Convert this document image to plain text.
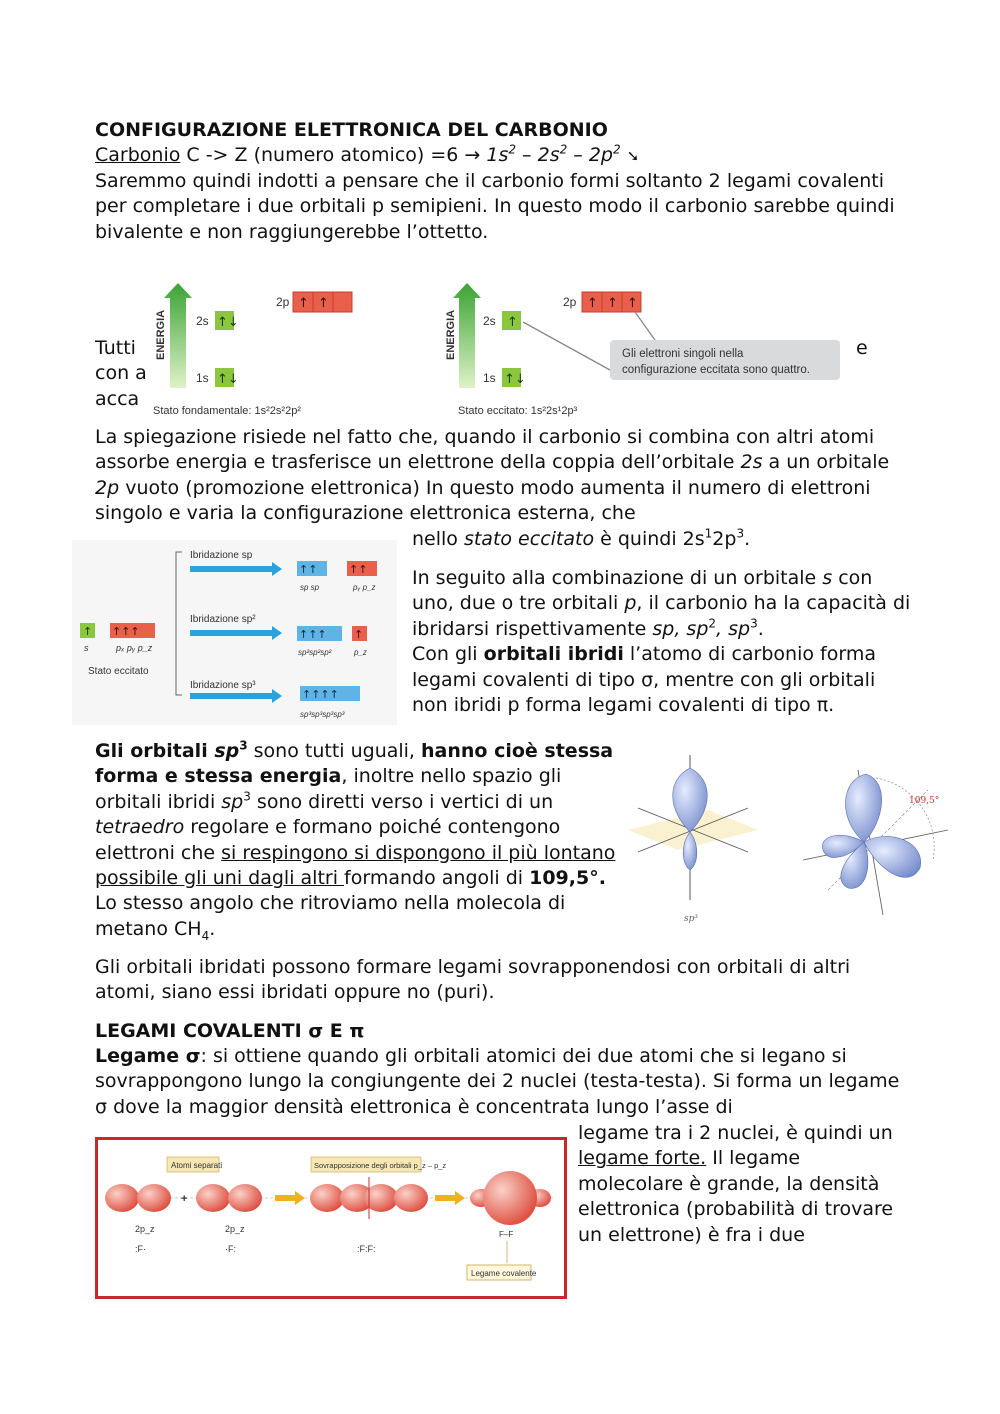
CONFIGURAZIONE ELETTRONICA DEL CARBONIO
Carbonio C -> Z (numero atomico) $=6 \to 1s^2 - 2s^2 - 2p^2$ ➘
Saremmo quindi indotti a pensare che il carbonio formi soltanto 2 legami covalenti per completare i due orbitali p semipieni. In questo modo il carbonio sarebbe quindi bivalente e non raggiungerebbe l’ottetto.
Tutti
con a
acca
e
ENERGIA 2s ↑↓
1s ↑↓
2p ↑ ↑
Stato fondamentale: 1s²2s²2p²
ENERGIA 2s ↑
1s ↑↓
2p ↑ ↑ ↑
Gli elettroni singoli nella
configurazione eccitata sono quattro.
Stato eccitato: 1s²2s¹2p³
La spiegazione risiede nel fatto che, quando il carbonio si combina con altri atomi assorbe energia e trasferisce un elettrone della coppia dell’orbitale 2s a un orbitale 2p vuoto (promozione elettronica) In questo modo aumenta il numero di elettroni singolo e varia la configurazione elettronica esterna, che
nello stato eccitato è quindi $2s^12p^3$.
↑ ↑↑↑
s	pₓ pᵧ p_z
Stato eccitato
Ibridazione sp
↑↑
sp sp
↑↑
pᵧ p_z
Ibridazione sp²
↑↑↑
sp²sp²sp²
↑
p_z
Ibridazione sp³
↑↑↑↑
sp³sp³sp³sp³
In seguito alla combinazione di un orbitale s con uno, due o tre orbitali p, il carbonio ha la capacità di ibridarsi rispettivamente sp, $sp^2$, $sp^3$.
Con gli orbitali ibridi l’atomo di carbonio forma legami covalenti di tipo σ, mentre con gli orbitali non ibridi p forma legami covalenti di tipo π.
Gli orbitali $sp^3$ sono tutti uguali, hanno cioè stessa forma e stessa energia, inoltre nello spazio gli orbitali ibridi $sp^3$ sono diretti verso i vertici di un tetraedro regolare e formano poiché contengono elettroni che si respingono si dispongono il più lontano possibile gli uni dagli altri formando angoli di 109,5°. Lo stesso angolo che ritroviamo nella molecola di metano $CH_4$.	sp³
109,5°
Gli orbitali ibridati possono formare legami sovrapponendosi con orbitali di altri atomi, siano essi ibridati oppure no (puri).
LEGAMI COVALENTI σ E π
Legame σ: si ottiene quando gli orbitali atomici dei due atomi che si legano si sovrappongono lungo la congiungente dei 2 nuclei (testa-testa). Si forma un legame σ dove la maggior densità elettronica è concentrata lungo l’asse di
legame tra i 2 nuclei, è quindi un legame forte. Il legame molecolare è grande, la densità elettronica (probabilità di trovare un elettrone) è fra i due
Atomi separati
2p_z
:F·
+
2p_z
·F:
Sovrapposizione degli orbitali p_z – p_z
:F:F:
F–F
Legame covalente
